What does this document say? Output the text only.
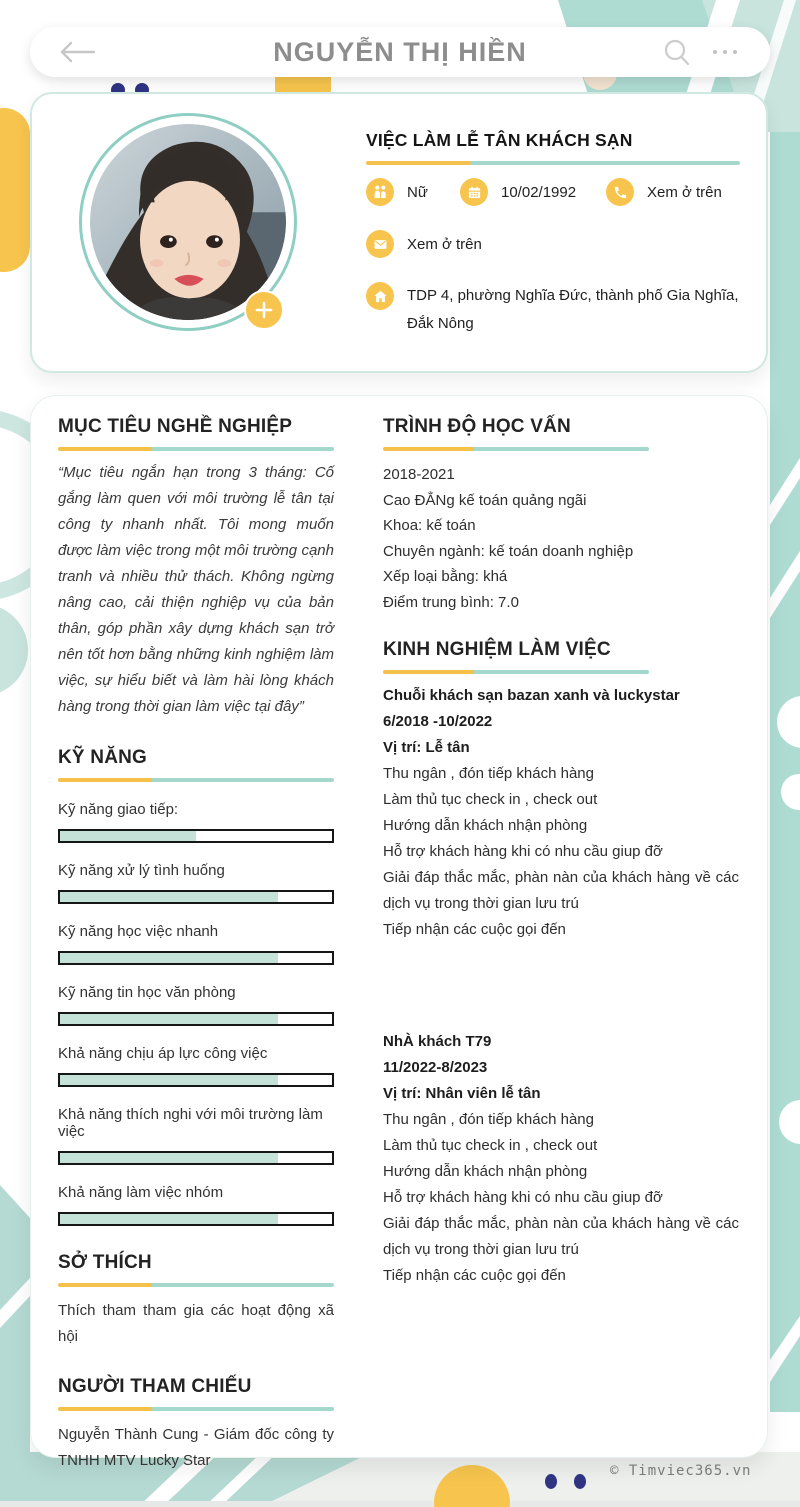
NGUYỄN THỊ HIỀN
VIỆC LÀM LỄ TÂN KHÁCH SẠN
Nữ	10/02/1992	Xem ở trên
Xem ở trên
TDP 4, phường Nghĩa Đức, thành phố Gia Nghĩa, Đắk Nông
MỤC TIÊU NGHỀ NGHIỆP
“Mục tiêu ngắn hạn trong 3 tháng: Cố gắng làm quen với môi trường lễ tân tại công ty nhanh nhất. Tôi mong muốn được làm việc trong một môi trường cạnh tranh và nhiều thử thách. Không ngừng nâng cao, cải thiện nghiệp vụ của bản thân, góp phần xây dựng khách sạn trở nên tốt hơn bằng những kinh nghiệm làm việc, sự hiểu biết và làm hài lòng khách hàng trong thời gian làm việc tại đây”
KỸ NĂNG
Kỹ năng giao tiếp:
Kỹ năng xử lý tình huống
Kỹ năng học việc nhanh
Kỹ năng tin học văn phòng
Khả năng chịu áp lực công việc
Khả năng thích nghi với môi trường làm việc
Khả năng làm việc nhóm
SỞ THÍCH
Thích tham tham gia các hoạt động xã hội
NGƯỜI THAM CHIẾU
Nguyễn Thành Cung - Giám đốc công ty TNHH MTV Lucky Star
TRÌNH ĐỘ HỌC VẤN
2018-2021
Cao ĐẲNg kế toán quảng ngãi
Khoa: kế toán
Chuyên ngành: kế toán doanh nghiệp
Xếp loại bằng: khá
Điểm trung bình: 7.0
KINH NGHIỆM LÀM VIỆC
Chuỗi khách sạn bazan xanh và luckystar
6/2018 -10/2022
Vị trí: Lễ tân
Thu ngân , đón tiếp khách hàng
Làm thủ tục check in , check out
Hướng dẫn khách nhận phòng
Hỗ trợ khách hàng khi có nhu cầu giup đỡ
Giải đáp thắc mắc, phàn nàn của khách hàng về các dịch vụ trong thời gian lưu trú
Tiếp nhận các cuộc gọi đến
NhÀ khách T79
11/2022-8/2023
Vị trí: Nhân viên lễ tân
Thu ngân , đón tiếp khách hàng
Làm thủ tục check in , check out
Hướng dẫn khách nhận phòng
Hỗ trợ khách hàng khi có nhu cầu giup đỡ
Giải đáp thắc mắc, phàn nàn của khách hàng về các dịch vụ trong thời gian lưu trú
Tiếp nhận các cuộc gọi đến
© Timviec365.vn
